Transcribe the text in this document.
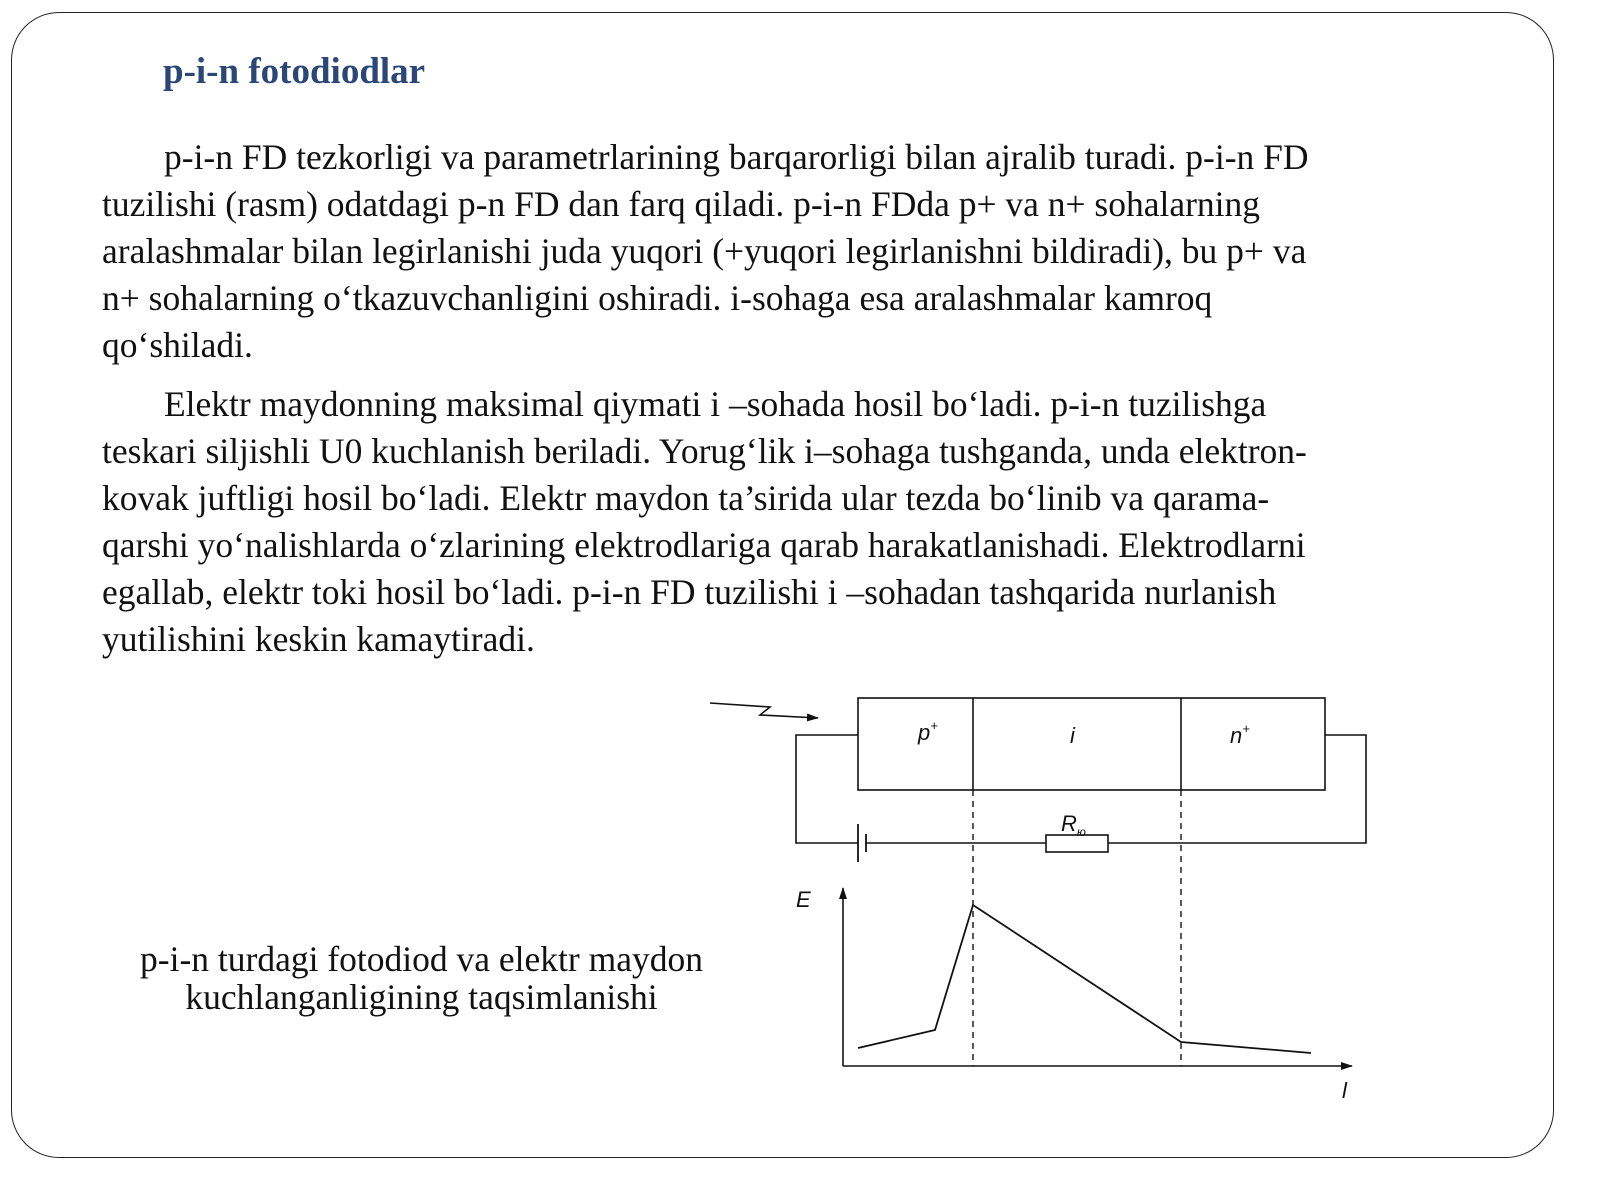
p-i-n fotodiodlar

p-i-n FD tezkorligi va parametrlarining barqarorligi bilan ajralib turadi. p-i-n FD
tuzilishi (rasm) odatdagi p-n FD dan farq qiladi. p-i-n FDda p+ va n+ sohalarning
aralashmalar bilan legirlanishi juda yuqori (+yuqori legirlanishni bildiradi), bu p+ va
n+ sohalarning o‘tkazuvchanligini oshiradi. i-sohaga esa aralashmalar kamroq
qo‘shiladi.

Elektr maydonning maksimal qiymati i –sohada hosil bo‘ladi. p-i-n tuzilishga
teskari siljishli U0 kuchlanish beriladi. Yorug‘lik i–sohaga tushganda, unda elektron-
kovak juftligi hosil bo‘ladi. Elektr maydon ta’sirida ular tezda bo‘linib va qarama-
qarshi yo‘nalishlarda o‘zlarining elektrodlariga qarab harakatlanishadi. Elektrodlarni
egallab, elektr toki hosil bo‘ladi. p-i-n FD tuzilishi i –sohadan tashqarida nurlanish
yutilishini keskin kamaytiradi.

p-i-n turdagi fotodiod va elektr maydon
kuchlanganligining taqsimlanishi
p+	i	n+
$R_ю$
E
l
